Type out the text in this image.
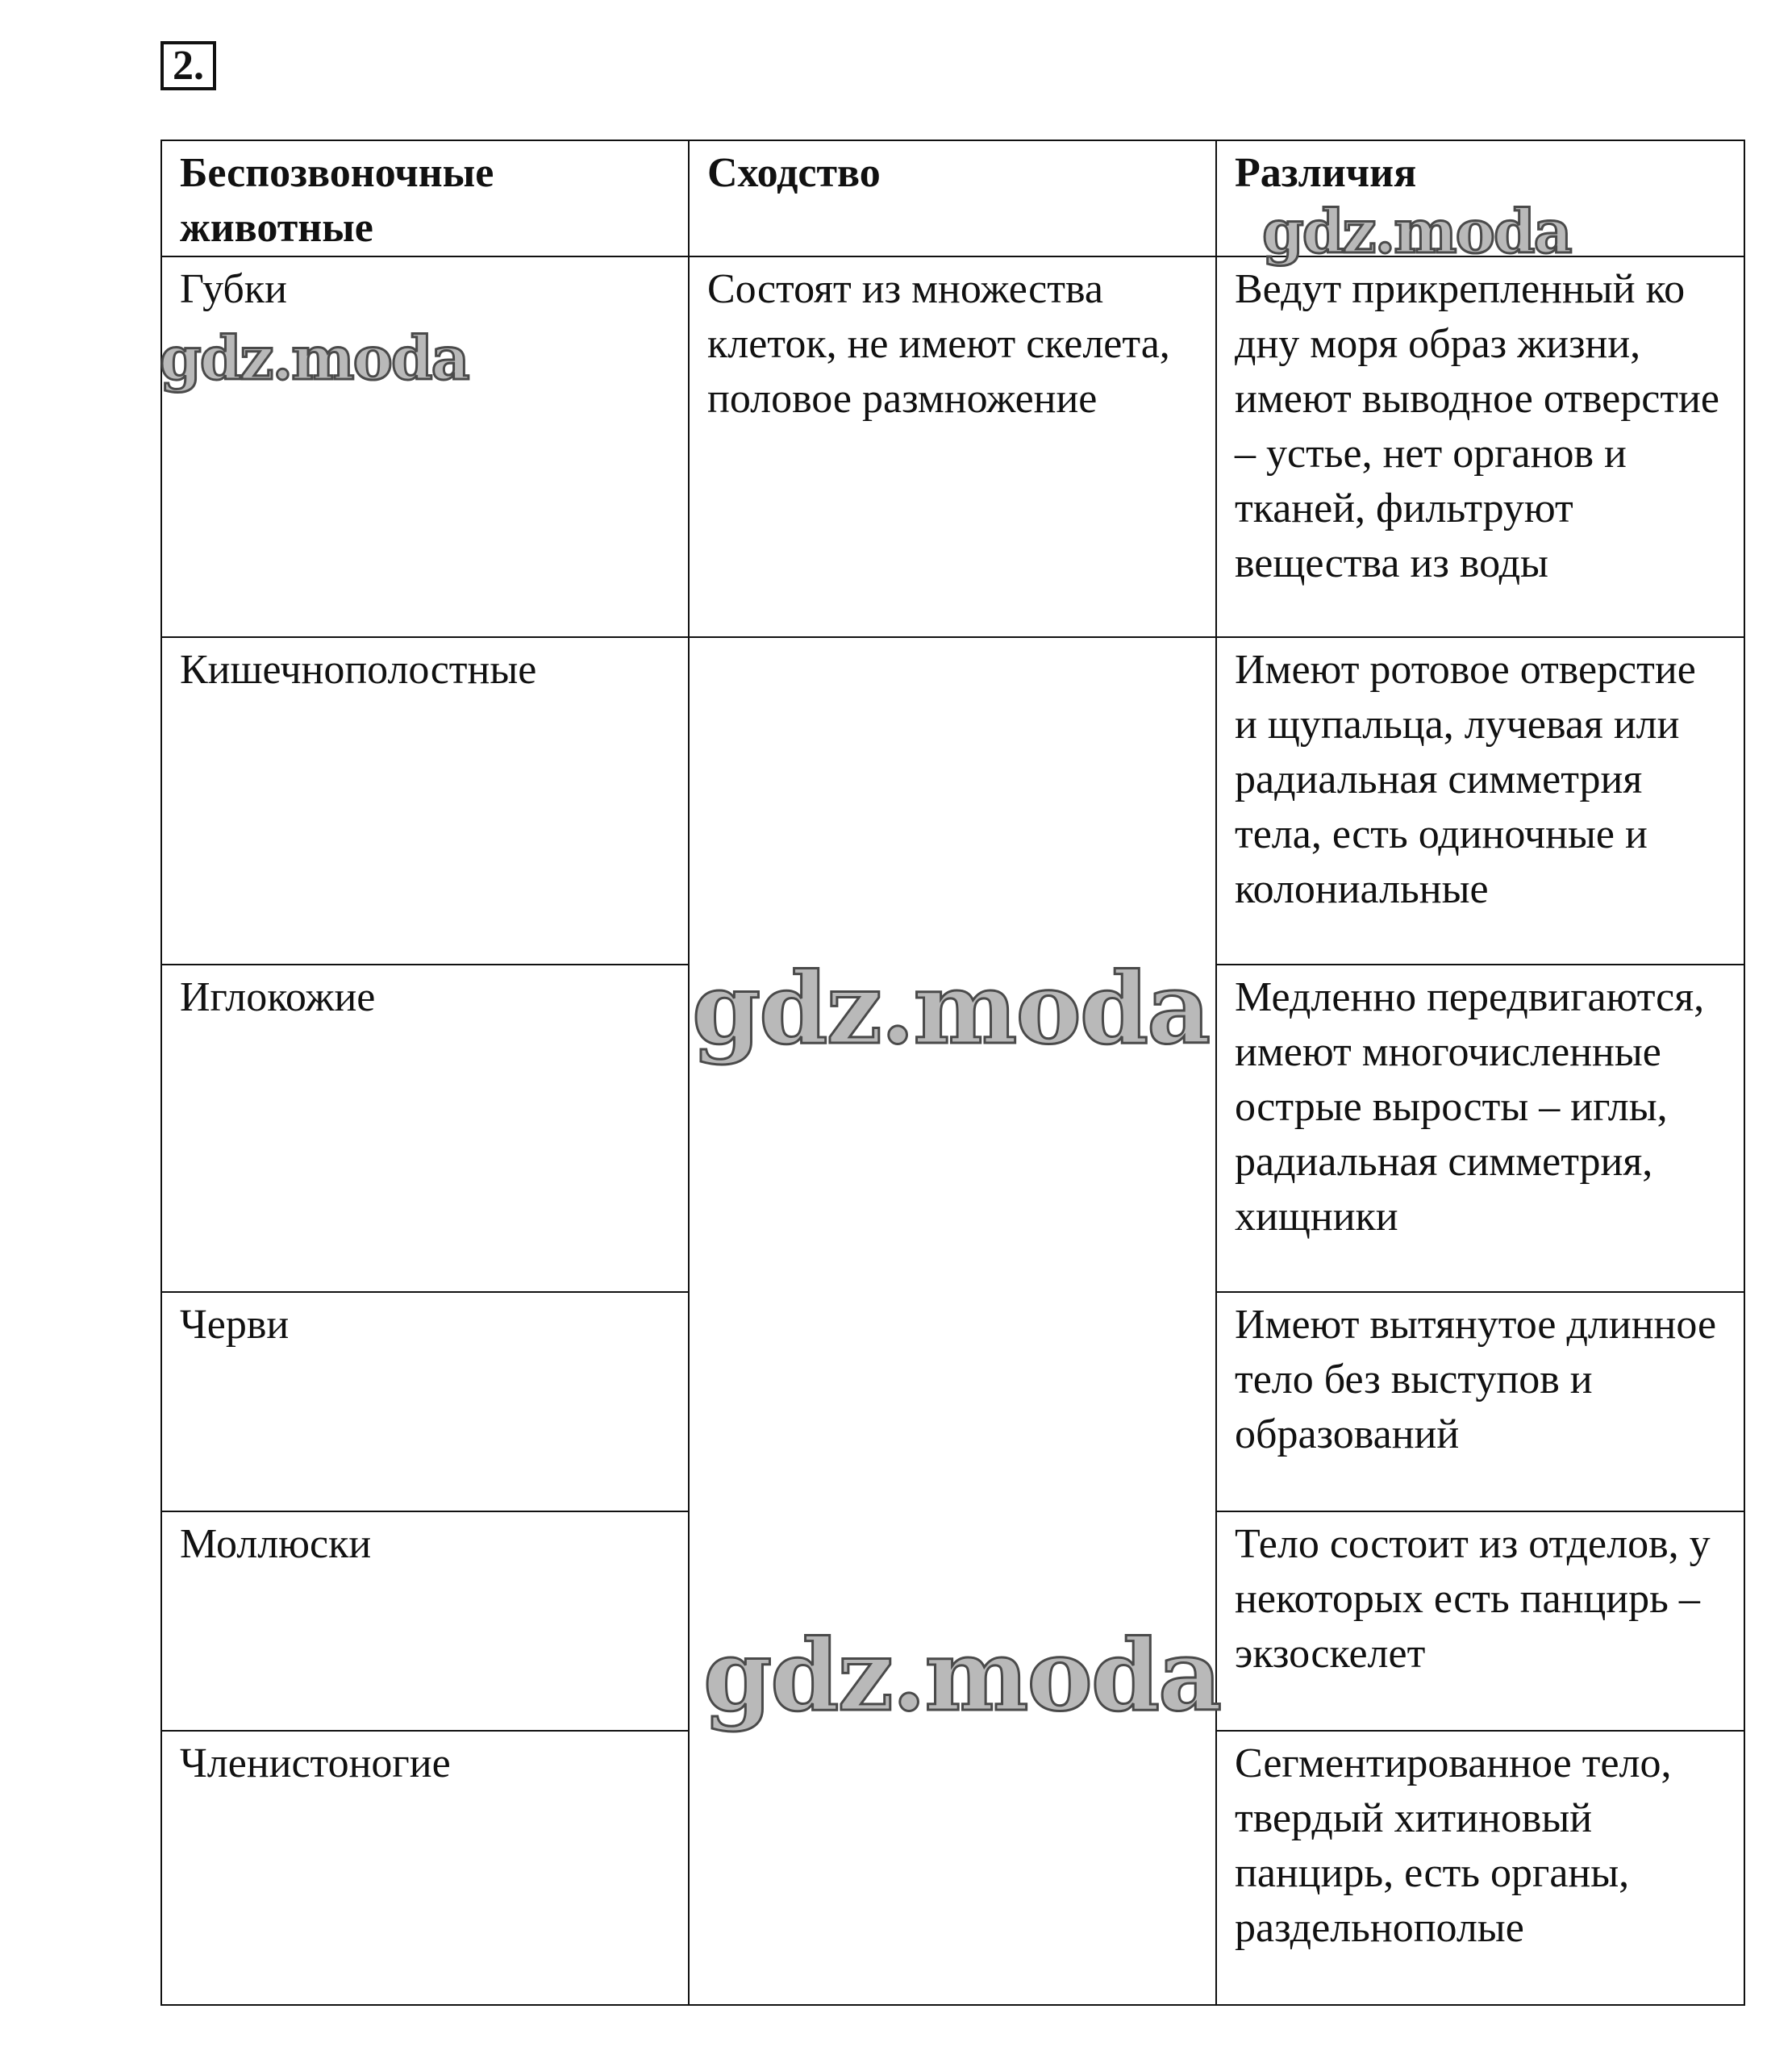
2.
Беспозвоночные животные	Сходство	Различия
Губки	Состоят из множества клеток, не имеют скелета, половое размножение	Ведут прикрепленный ко дну моря образ жизни, имеют выводное отверстие – устье, нет органов и тканей, фильтруют вещества из воды
Кишечнополостные		Имеют ротовое отверстие и щупальца, лучевая или радиальная симметрия тела, есть одиночные и колониальные
Иглокожие		Медленно передвигаются, имеют многочисленные острые выросты – иглы, радиальная симметрия, хищники
Черви		Имеют вытянутое длинное тело без выступов и образований
Моллюски		Тело состоит из отделов, у некоторых есть панцирь – экзоскелет
Членистоногие		Сегментированное тело, твердый хитиновый панцирь, есть органы, раздельнополые
gdz.moda
gdz.moda
gdz.moda
gdz.moda
